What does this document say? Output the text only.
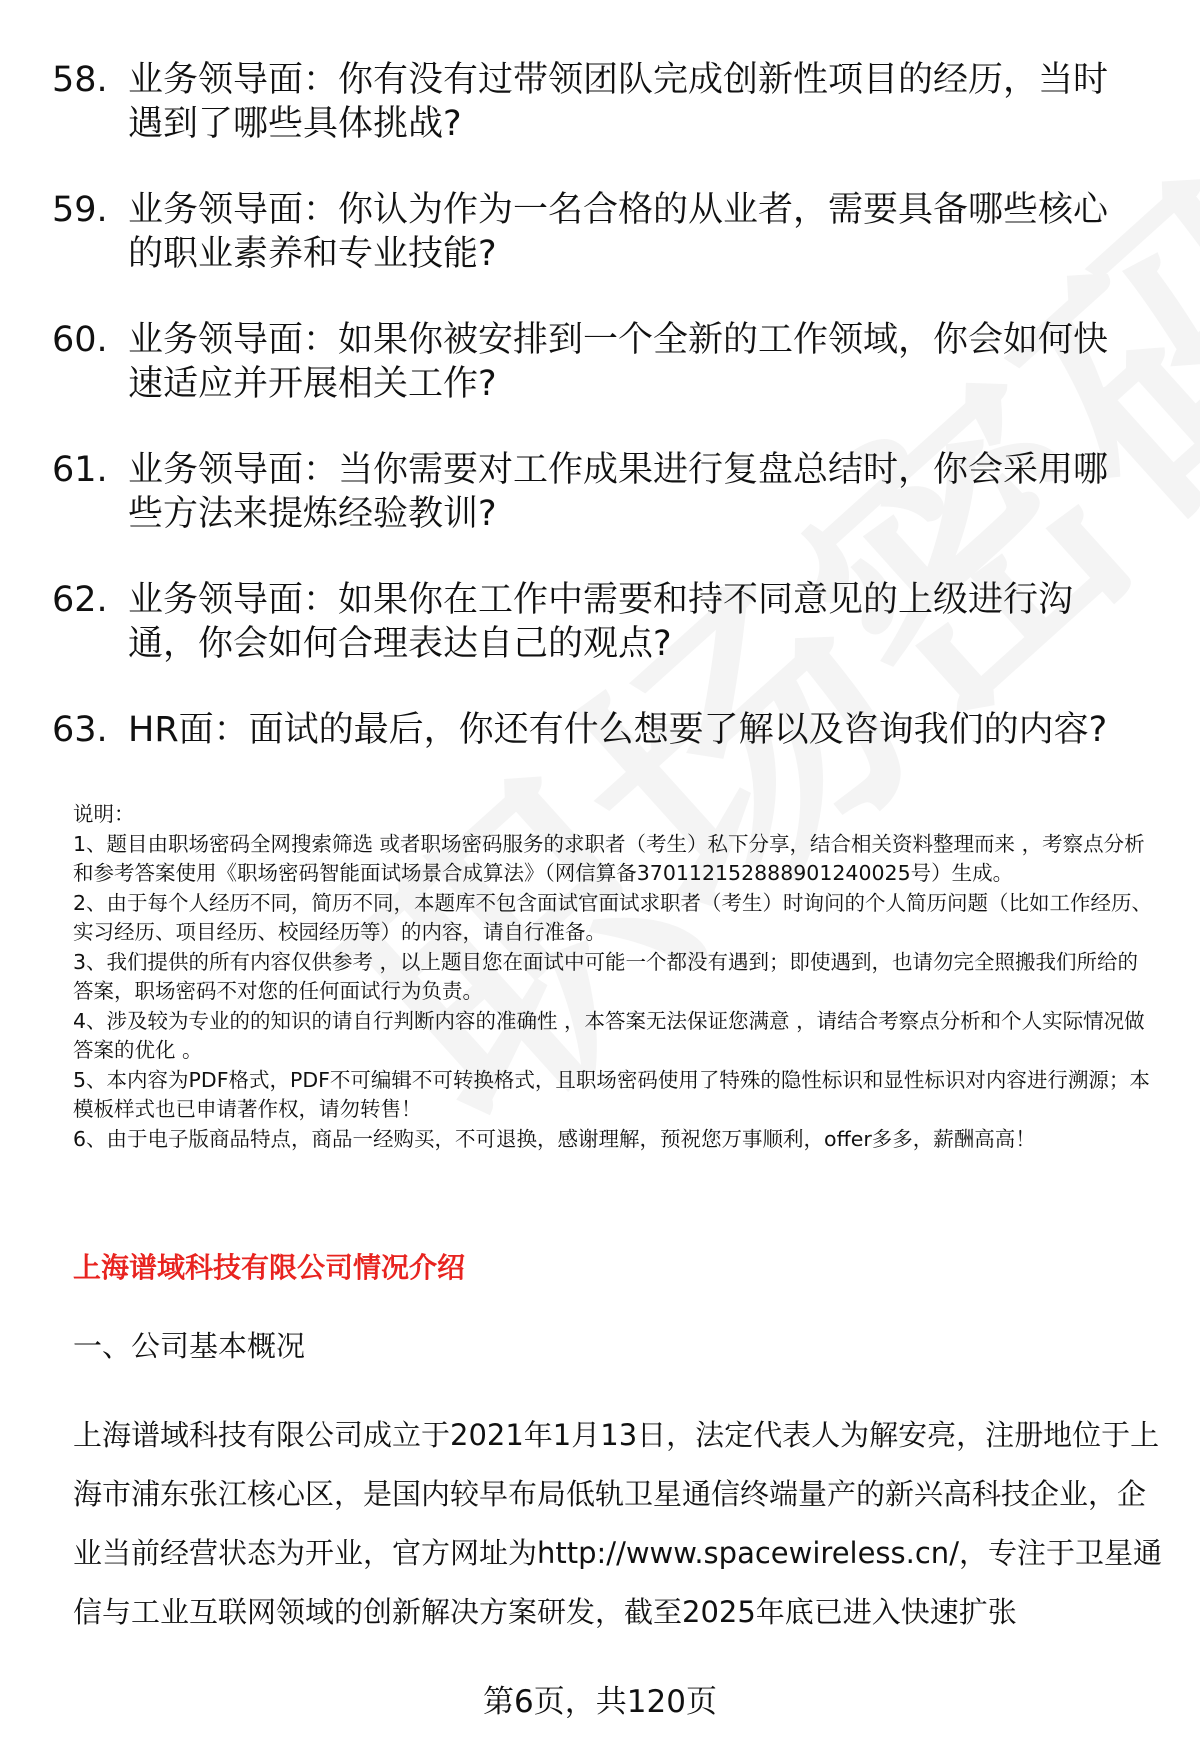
58. 业务领导面：你有没有过带领团队完成创新性项目的经历，当时遇到了哪些具体挑战?
59. 业务领导面：你认为作为一名合格的从业者，需要具备哪些核心的职业素养和专业技能?
60. 业务领导面：如果你被安排到一个全新的工作领域，你会如何快速适应并开展相关工作?
61. 业务领导面：当你需要对工作成果进行复盘总结时，你会采用哪些方法来提炼经验教训?
62. 业务领导面：如果你在工作中需要和持不同意见的上级进行沟通，你会如何合理表达自己的观点?
63. HR面：面试的最后，你还有什么想要了解以及咨询我们的内容?
说明：
1、题目由职场密码全网搜索筛选 或者职场密码服务的求职者（考生）私下分享，结合相关资料整理而来 ，考察点分析和参考答案使用《职场密码智能面试场景合成算法》（网信算备370112152888901240025号）生成。
2、由于每个人经历不同，简历不同，本题库不包含面试官面试求职者（考生）时询问的个人简历问题（比如工作经历、实习经历、项目经历、校园经历等）的内容，请自行准备。
3、我们提供的所有内容仅供参考 ，以上题目您在面试中可能一个都没有遇到；即使遇到，也请勿完全照搬我们所给的答案，职场密码不对您的任何面试行为负责。
4、涉及较为专业的的知识的请自行判断内容的准确性 ，本答案无法保证您满意 ，请结合考察点分析和个人实际情况做答案的优化 。
5、本内容为PDF格式，PDF不可编辑不可转换格式，且职场密码使用了特殊的隐性标识和显性标识对内容进行溯源；本模板样式也已申请著作权，请勿转售！
6、由于电子版商品特点，商品一经购买，不可退换，感谢理解，预祝您万事顺利，offer多多，薪酬高高！
上海谱域科技有限公司情况介绍
一、公司基本概况
上海谱域科技有限公司成立于2021年1月13日，法定代表人为解安亮，注册地位于上海市浦东张江核心区，是国内较早布局低轨卫星通信终端量产的新兴高科技企业，企业当前经营状态为开业，官方网址为http://www.spacewireless.cn/，专注于卫星通信与工业互联网领域的创新解决方案研发，截至2025年底已进入快速扩张
第6页，共120页
